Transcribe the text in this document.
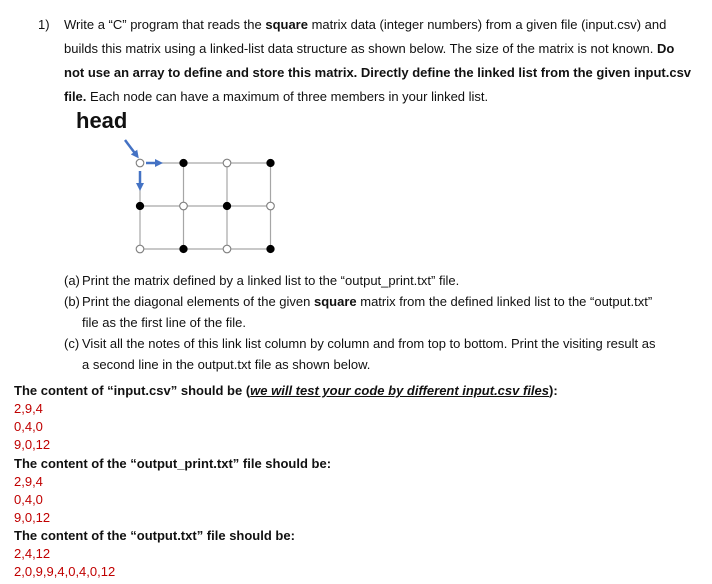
1) Write a “C” program that reads the square matrix data (integer numbers) from a given file (input.csv) and
builds this matrix using a linked-list data structure as shown below. The size of the matrix is not known. Do
not use an array to define and store this matrix. Directly define the linked list from the given input.csv
file. Each node can have a maximum of three members in your linked list.
head
(a) Print the matrix defined by a linked list to the “output_print.txt” file.
(b) Print the diagonal elements of the given square matrix from the defined linked list to the “output.txt”
file as the first line of the file.
(c) Visit all the notes of this link list column by column and from top to bottom. Print the visiting result as
a second line in the output.txt file as shown below.
The content of “input.csv” should be (we will test your code by different input.csv files):
2,9,4
0,4,0
9,0,12
The content of the “output_print.txt” file should be:
2,9,4
0,4,0
9,0,12
The content of the “output.txt” file should be:
2,4,12
2,0,9,9,4,0,4,0,12
